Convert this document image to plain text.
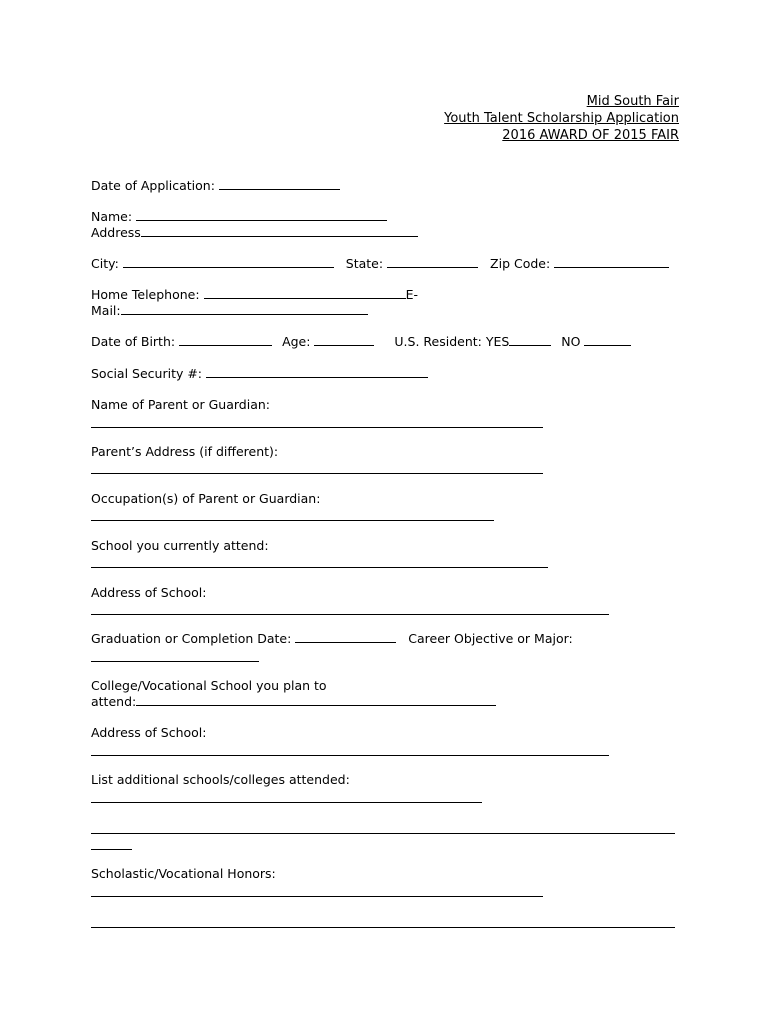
Mid South Fair
Youth Talent Scholarship Application
2016 AWARD OF 2015 FAIR
Date of Application:
Name:
Address
City:	State:	Zip Code:
Home Telephone:	E-
Mail:
Date of Birth:	Age:	U.S. Resident: YES	NO
Social Security #:
Name of Parent or Guardian:
Parent’s Address (if different):
Occupation(s) of Parent or Guardian:
School you currently attend:
Address of School:
Graduation or Completion Date:	Career Objective or Major:
College/Vocational School you plan to
attend:
Address of School:
List additional schools/colleges attended:
Scholastic/Vocational Honors:
